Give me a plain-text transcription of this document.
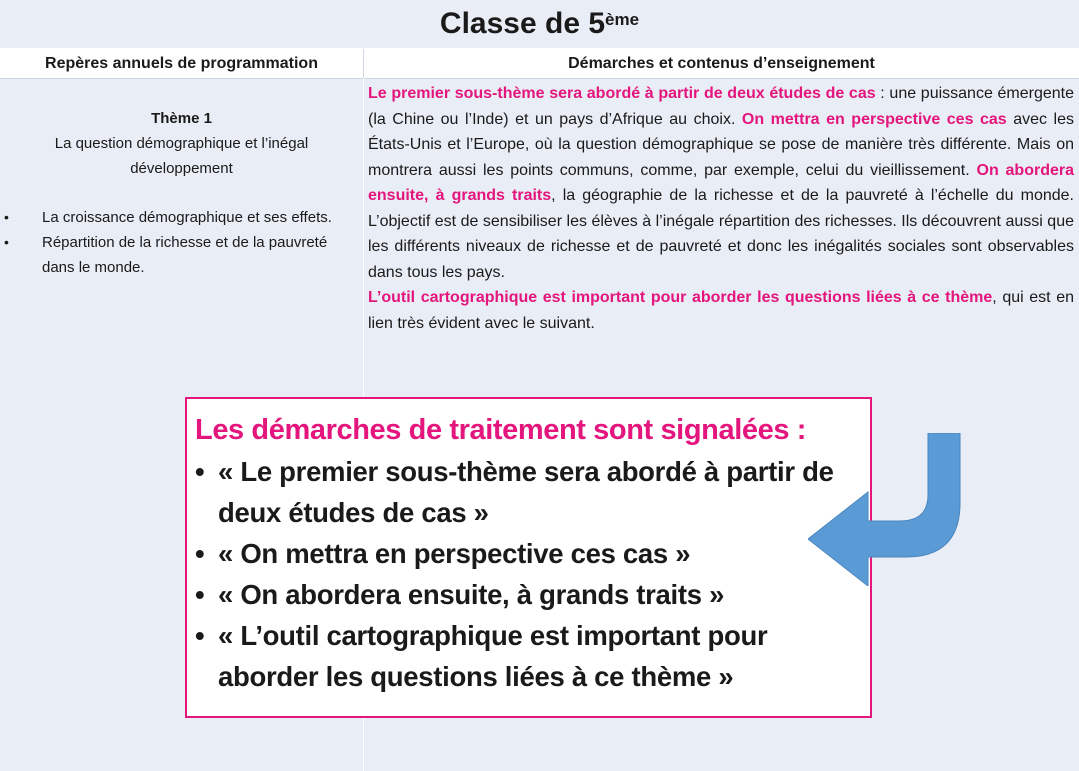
Classe de 5ème
Repères annuels de programmation	Démarches et contenus d’enseignement
Thème 1
La question démographique et l’inégal développement
• La croissance démographique et ses effets.
• Répartition de la richesse et de la pauvreté dans le monde.

Le premier sous-thème sera abordé à partir de deux études de cas : une puissance émergente (la Chine ou l’Inde) et un pays d’Afrique au choix. On mettra en perspective ces cas avec les États-Unis et l’Europe, où la question démographique se pose de manière très différente. Mais on montrera aussi les points communs, comme, par exemple, celui du vieillissement. On abordera ensuite, à grands traits, la géographie de la richesse et de la pauvreté à l’échelle du monde. L’objectif est de sensibiliser les élèves à l’inégale répartition des richesses. Ils découvrent aussi que les différents niveaux de richesse et de pauvreté et donc les inégalités sociales sont observables dans tous les pays.

L’outil cartographique est important pour aborder les questions liées à ce thème, qui est en lien très évident avec le suivant.

Les démarches de traitement sont signalées :
• « Le premier sous-thème sera abordé à partir de deux études de cas »
• « On mettra en perspective ces cas »
• « On abordera ensuite, à grands traits »
• « L’outil cartographique est important pour aborder les questions liées à ce thème »
